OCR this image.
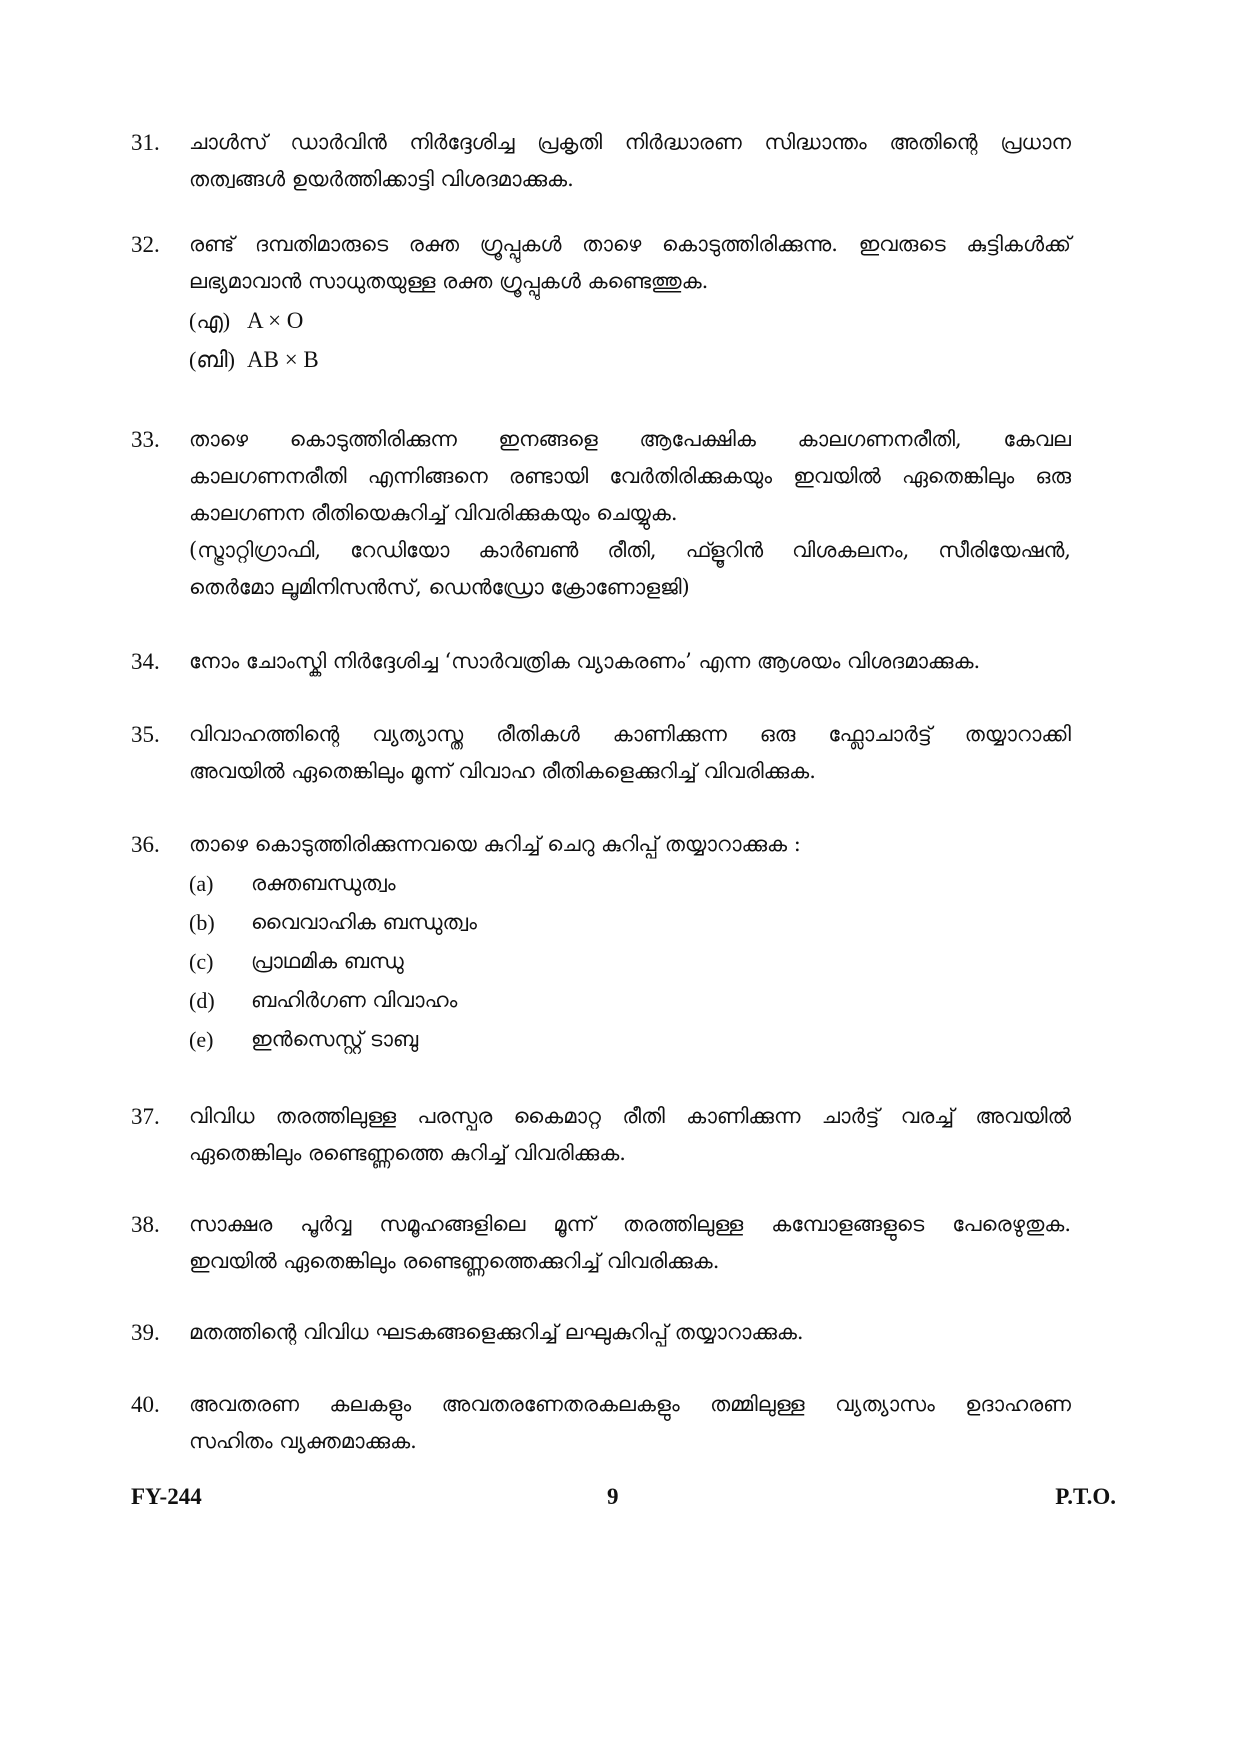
31.	ചാൾസ് ഡാർവിൻ നിർദ്ദേശിച്ച പ്രകൃതി നിർദ്ധാരണ സിദ്ധാന്തം അതിന്റെ പ്രധാന
തത്വങ്ങൾ ഉയർത്തിക്കാട്ടി വിശദമാക്കുക.
32.	രണ്ട് ദമ്പതിമാരുടെ രക്ത ഗ്രൂപ്പുകൾ താഴെ കൊടുത്തിരിക്കുന്നു. ഇവരുടെ കുട്ടികൾക്ക്
ലഭ്യമാവാൻ സാധുതയുള്ള രക്ത ഗ്രൂപ്പുകൾ കണ്ടെത്തുക.
(എ) A × O
(ബി) AB × B
33.	താഴെ കൊടുത്തിരിക്കുന്ന ഇനങ്ങളെ ആപേക്ഷിക കാലഗണനരീതി, കേവല
കാലഗണനരീതി എന്നിങ്ങനെ രണ്ടായി വേർതിരിക്കുകയും ഇവയിൽ ഏതെങ്കിലും ഒരു
കാലഗണന രീതിയെകുറിച്ച് വിവരിക്കുകയും ചെയ്യുക.
(സ്ട്രാറ്റിഗ്രാഫി, റേഡിയോ കാർബൺ രീതി, ഫ്ളൂറിൻ വിശകലനം, സീരിയേഷൻ,
തെർമോ ലൂമിനിസൻസ്, ഡെൻഡ്രോ ക്രോണോളജി)
34.	നോം ചോംസ്കി നിർദ്ദേശിച്ച ‘സാർവത്രിക വ്യാകരണം’ എന്ന ആശയം വിശദമാക്കുക.
35.	വിവാഹത്തിന്റെ വ്യത്യാസ്ത രീതികൾ കാണിക്കുന്ന ഒരു ഫ്ലോചാർട്ട് തയ്യാറാക്കി
അവയിൽ ഏതെങ്കിലും മൂന്ന് വിവാഹ രീതികളെക്കുറിച്ച് വിവരിക്കുക.
36.	താഴെ കൊടുത്തിരിക്കുന്നവയെ കുറിച്ച് ചെറു കുറിപ്പ് തയ്യാറാക്കുക :
(a)	രക്തബന്ധുത്വം
(b)	വൈവാഹിക ബന്ധുത്വം
(c)	പ്രാഥമിക ബന്ധു
(d)	ബഹിർഗണ വിവാഹം
(e)	ഇൻസെസ്റ്റ് ടാബു
37.	വിവിധ തരത്തിലുള്ള പരസ്പര കൈമാറ്റ രീതി കാണിക്കുന്ന ചാർട്ട് വരച്ച് അവയിൽ
ഏതെങ്കിലും രണ്ടെണ്ണത്തെ കുറിച്ച് വിവരിക്കുക.
38.	സാക്ഷര പൂർവ്വ സമൂഹങ്ങളിലെ മൂന്ന് തരത്തിലുള്ള കമ്പോളങ്ങളുടെ പേരെഴുതുക.
ഇവയിൽ ഏതെങ്കിലും രണ്ടെണ്ണത്തെക്കുറിച്ച് വിവരിക്കുക.
39.	മതത്തിന്റെ വിവിധ ഘടകങ്ങളെക്കുറിച്ച് ലഘുകുറിപ്പ് തയ്യാറാക്കുക.
40.	അവതരണ കലകളും അവതരണേതരകലകളും തമ്മിലുള്ള വ്യത്യാസം ഉദാഹരണ
സഹിതം വ്യക്തമാക്കുക.
FY-244	9	P.T.O.
